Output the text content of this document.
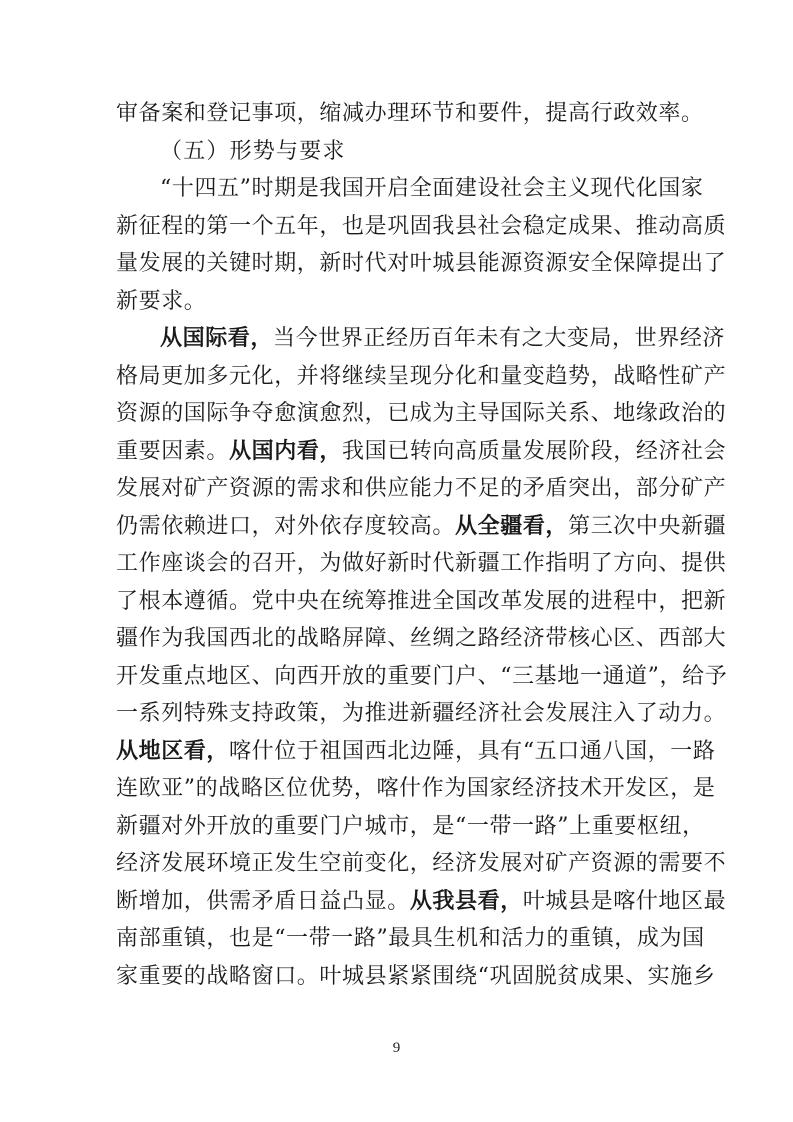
审备案和登记事项，缩减办理环节和要件，提高行政效率。
（五）形势与要求
“十四五”时期是我国开启全面建设社会主义现代化国家
新征程的第一个五年，也是巩固我县社会稳定成果、推动高质
量发展的关键时期，新时代对叶城县能源资源安全保障提出了
新要求。
从国际看，当今世界正经历百年未有之大变局，世界经济
格局更加多元化，并将继续呈现分化和量变趋势，战略性矿产
资源的国际争夺愈演愈烈，已成为主导国际关系、地缘政治的
重要因素。从国内看，我国已转向高质量发展阶段，经济社会
发展对矿产资源的需求和供应能力不足的矛盾突出，部分矿产
仍需依赖进口，对外依存度较高。从全疆看，第三次中央新疆
工作座谈会的召开，为做好新时代新疆工作指明了方向、提供
了根本遵循。党中央在统筹推进全国改革发展的进程中，把新
疆作为我国西北的战略屏障、丝绸之路经济带核心区、西部大
开发重点地区、向西开放的重要门户、“三基地一通道”，给予
一系列特殊支持政策，为推进新疆经济社会发展注入了动力。
从地区看，喀什位于祖国西北边陲，具有“五口通八国，一路
连欧亚”的战略区位优势，喀什作为国家经济技术开发区，是
新疆对外开放的重要门户城市，是“一带一路”上重要枢纽，
经济发展环境正发生空前变化，经济发展对矿产资源的需要不
断增加，供需矛盾日益凸显。从我县看，叶城县是喀什地区最
南部重镇，也是“一带一路”最具生机和活力的重镇，成为国
家重要的战略窗口。叶城县紧紧围绕“巩固脱贫成果、实施乡
9
